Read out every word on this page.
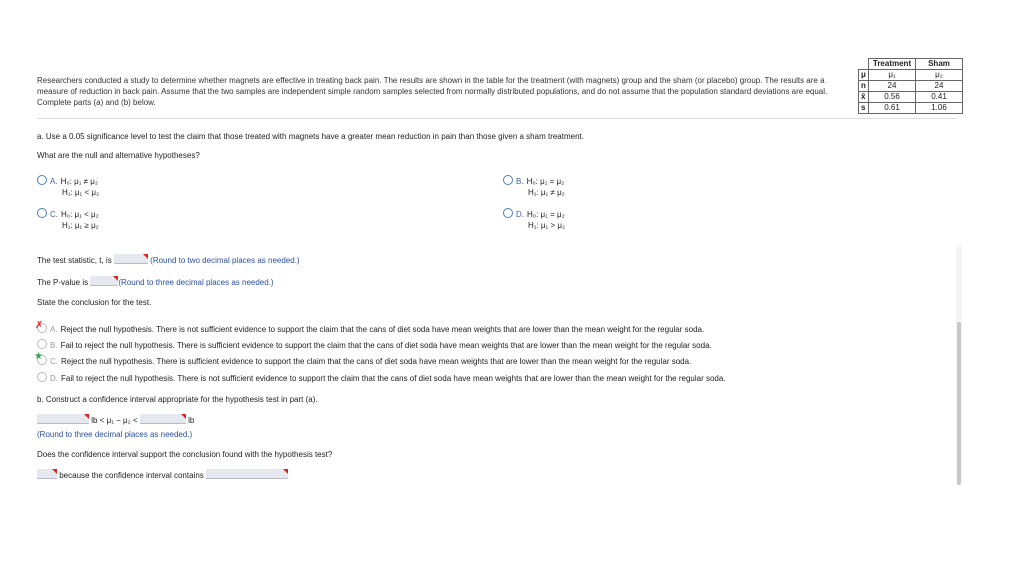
Researchers conducted a study to determine whether magnets are effective in treating back pain. The results are shown in the table for the treatment (with magnets) group and the sham (or placebo) group. The results are a measure of reduction in back pain. Assume that the two samples are independent simple random samples selected from normally distributed populations, and do not assume that the population standard deviations are equal. Complete parts (a) and (b) below.
	Treatment	Sham
μ	μ₁	μ₂
n	24	24
x̄	0.56	0.41
s	0.61	1.06
a. Use a 0.05 significance level to test the claim that those treated with magnets have a greater mean reduction in pain than those given a sham treatment.
What are the null and alternative hypotheses?
A. H₀: μ₁ ≠ μ₂
H₁: μ₁ < μ₂
B. H₀: μ₁ = μ₂
H₁: μ₁ ≠ μ₂
C. H₀: μ₁ < μ₂
H₁: μ₁ ≥ μ₂
D. H₀: μ₁ = μ₂
H₁: μ₁ > μ₂
The test statistic, t, is	(Round to two decimal places as needed.)
The P-value is	(Round to three decimal places as needed.)
State the conclusion for the test.
✗ A. Reject the null hypothesis. There is not sufficient evidence to support the claim that the cans of diet soda have mean weights that are lower than the mean weight for the regular soda.
B. Fail to reject the null hypothesis. There is sufficient evidence to support the claim that the cans of diet soda have mean weights that are lower than the mean weight for the regular soda.
★ C. Reject the null hypothesis. There is sufficient evidence to support the claim that the cans of diet soda have mean weights that are lower than the mean weight for the regular soda.
D. Fail to reject the null hypothesis. There is not sufficient evidence to support the claim that the cans of diet soda have mean weights that are lower than the mean weight for the regular soda.
b. Construct a confidence interval appropriate for the hypothesis test in part (a).
lb < μ₁ − μ₂ <	lb
(Round to three decimal places as needed.)
Does the confidence interval support the conclusion found with the hypothesis test?
because the confidence interval contains
